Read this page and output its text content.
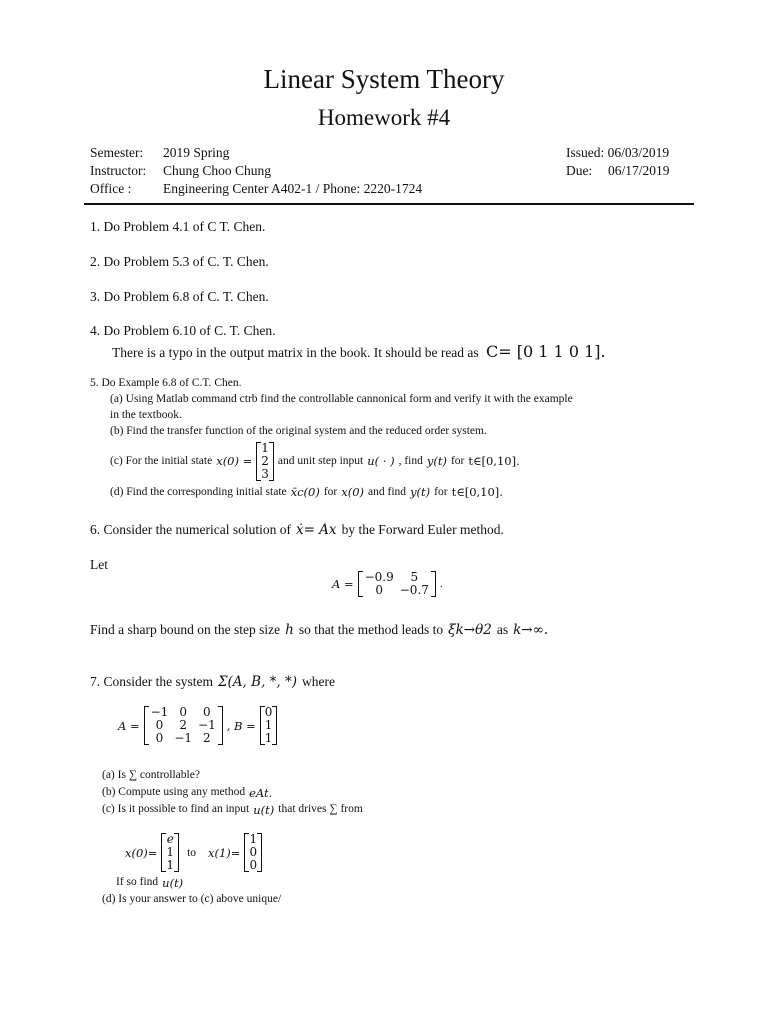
Linear System Theory
Homework #4
Semester: 2019 Spring
Instructor: Chung Choo Chung
Office : Engineering Center A402-1 / Phone: 2220-1724
Issued: 06/03/2019
Due: 06/17/2019
1. Do Problem 4.1 of C T. Chen.
2. Do Problem 5.3 of C. T. Chen.
3. Do Problem 6.8 of C. T. Chen.
4. Do Problem 6.10 of C. T. Chen.
There is a typo in the output matrix in the book. It should be read as C= [0 1 1 0 1].
5. Do Example 6.8 of C.T. Chen.
(a) Using Matlab command ctrb find the controllable cannonical form and verify it with the example
in the textbook.
(b) Find the transfer function of the original system and the reduced order system.
(c) For the initial state x(0) =
1
2
3
and unit step input u( · ) , find y(t) for t∈[0,10].
(d) Find the corresponding initial state x̄c(0) for x(0) and find y(t) for t∈[0,10].
6. Consider the numerical solution of ẋ= Ax by the Forward Euler method.
Let
A = −0.9	5
0	−0.7 .
Find a sharp bound on the step size h so that the method leads to ξk→θ2 as k→∞.
7. Consider the system Σ(A, B, *, *) where
A =
−1	0	0
0	2	−1
0	−1	2
, B =
0
1
1
(a) Is ∑ controllable?
(b) Compute using any method eAt.
(c) Is it possible to find an input u(t) that drives ∑ from
x(0)=
e
1
1
to x(1)=
1
0
0
If so find u(t)
(d) Is your answer to (c) above unique/
